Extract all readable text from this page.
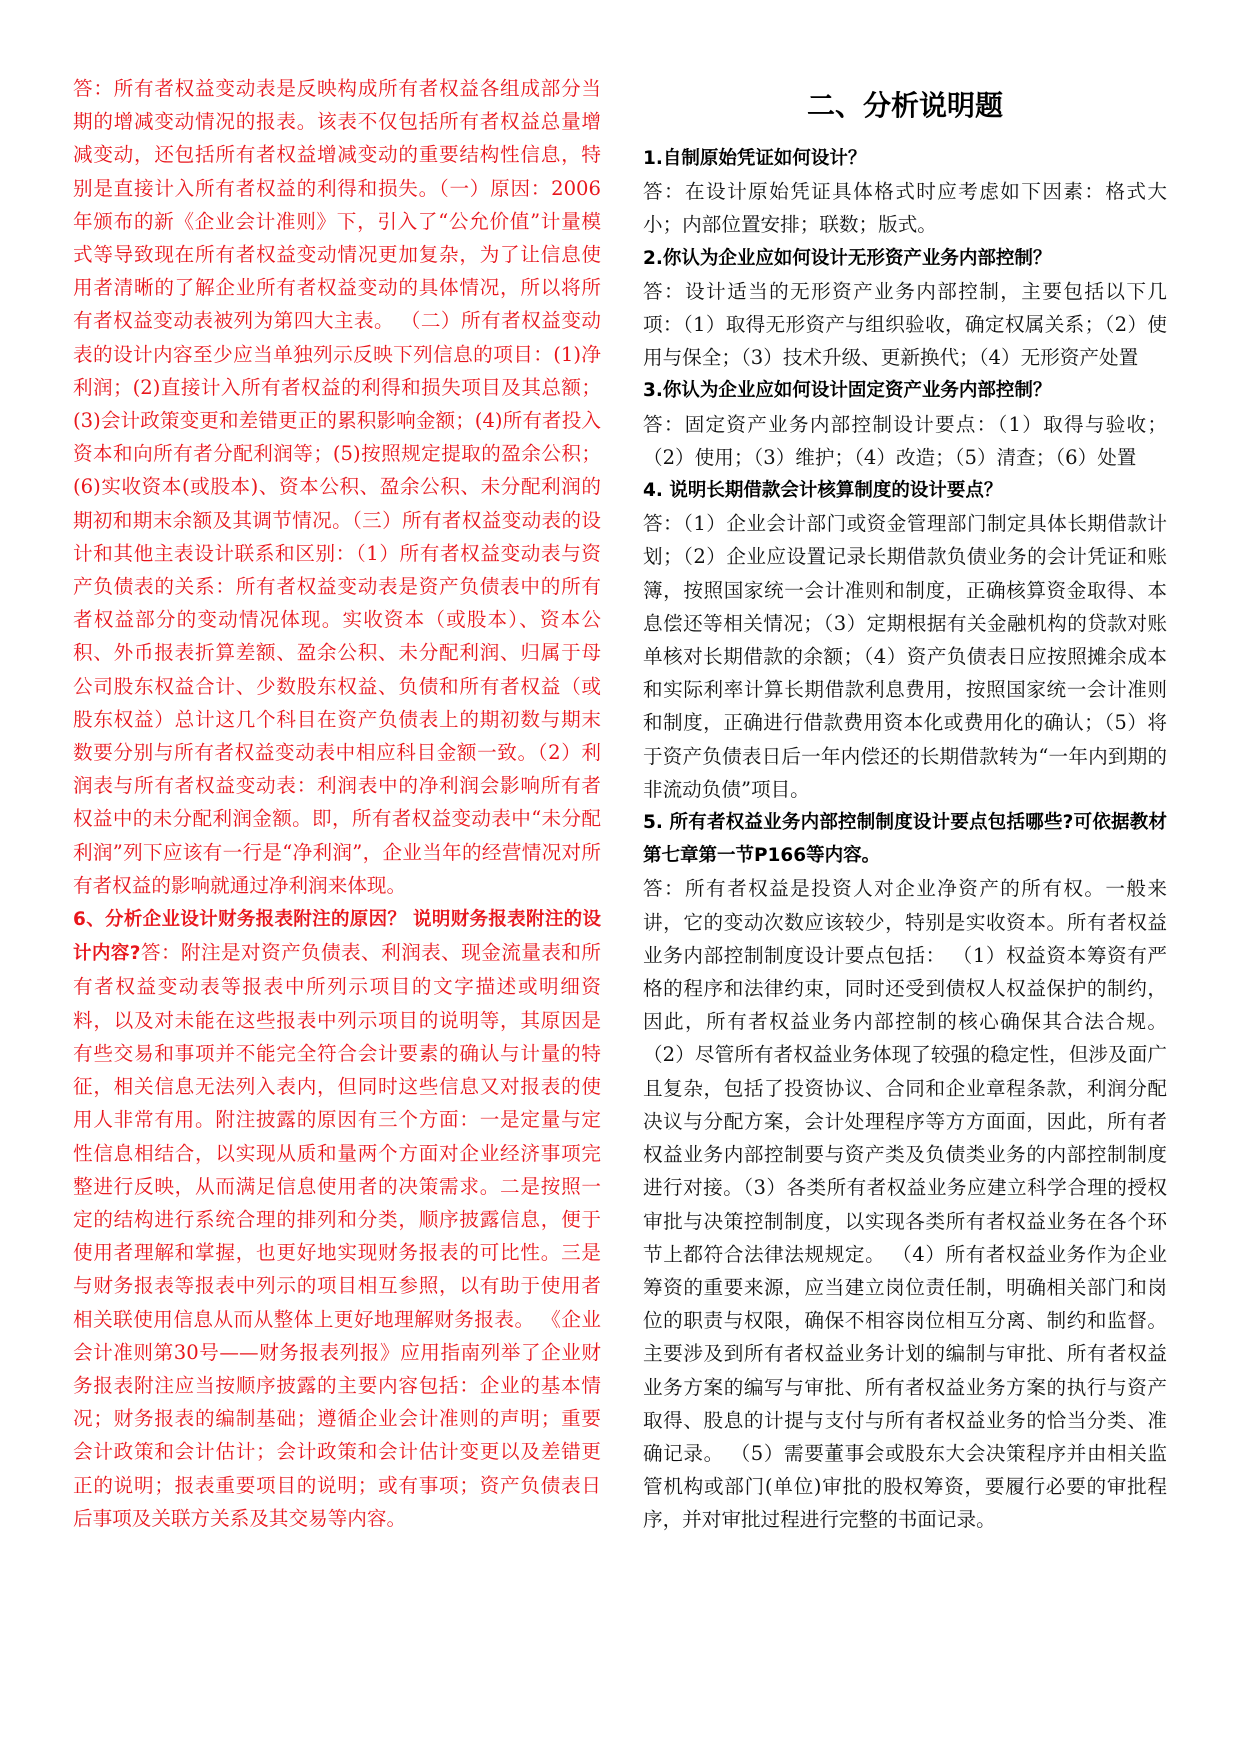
答：所有者权益变动表是反映构成所有者权益各组成部分当期的增减变动情况的报表。该表不仅包括所有者权益总量增减变动，还包括所有者权益增减变动的重要结构性信息，特别是直接计入所有者权益的利得和损失。（一）原因：2006年颁布的新《企业会计准则》下，引入了“公允价值”计量模式等导致现在所有者权益变动情况更加复杂，为了让信息使用者清晰的了解企业所有者权益变动的具体情况，所以将所有者权益变动表被列为第四大主表。 （二）所有者权益变动表的设计内容至少应当单独列示反映下列信息的项目：(1)净利润；(2)直接计入所有者权益的利得和损失项目及其总额；(3)会计政策变更和差错更正的累积影响金额；(4)所有者投入资本和向所有者分配利润等；(5)按照规定提取的盈余公积；(6)实收资本(或股本)、资本公积、盈余公积、未分配利润的期初和期末余额及其调节情况。（三）所有者权益变动表的设计和其他主表设计联系和区别：（1）所有者权益变动表与资产负债表的关系：所有者权益变动表是资产负债表中的所有者权益部分的变动情况体现。实收资本（或股本）、资本公积、外币报表折算差额、盈余公积、未分配利润、归属于母公司股东权益合计、少数股东权益、负债和所有者权益（或股东权益）总计这几个科目在资产负债表上的期初数与期末数要分别与所有者权益变动表中相应科目金额一致。（2）利润表与所有者权益变动表：利润表中的净利润会影响所有者权益中的未分配利润金额。即，所有者权益变动表中“未分配利润”列下应该有一行是“净利润”，企业当年的经营情况对所有者权益的影响就通过净利润来体现。

6、分析企业设计财务报表附注的原因？ 说明财务报表附注的设计内容?答：附注是对资产负债表、利润表、现金流量表和所有者权益变动表等报表中所列示项目的文字描述或明细资料，以及对未能在这些报表中列示项目的说明等，其原因是有些交易和事项并不能完全符合会计要素的确认与计量的特征，相关信息无法列入表内，但同时这些信息又对报表的使用人非常有用。附注披露的原因有三个方面：一是定量与定性信息相结合，以实现从质和量两个方面对企业经济事项完整进行反映，从而满足信息使用者的决策需求。二是按照一定的结构进行系统合理的排列和分类，顺序披露信息，便于使用者理解和掌握，也更好地实现财务报表的可比性。三是与财务报表等报表中列示的项目相互参照，以有助于使用者相关联使用信息从而从整体上更好地理解财务报表。 《企业会计准则第30号——财务报表列报》应用指南列举了企业财务报表附注应当按顺序披露的主要内容包括：企业的基本情况；财务报表的编制基础；遵循企业会计准则的声明；重要会计政策和会计估计；会计政策和会计估计变更以及差错更正的说明；报表重要项目的说明；或有事项；资产负债表日后事项及关联方关系及其交易等内容。

二、分析说明题

1.自制原始凭证如何设计？

答：在设计原始凭证具体格式时应考虑如下因素：格式大小；内部位置安排；联数；版式。

2.你认为企业应如何设计无形资产业务内部控制？

答：设计适当的无形资产业务内部控制，主要包括以下几项：（1）取得无形资产与组织验收，确定权属关系；（2）使用与保全；（3）技术升级、更新换代；（4）无形资产处置

3.你认为企业应如何设计固定资产业务内部控制？

答：固定资产业务内部控制设计要点：（1）取得与验收；（2）使用；（3）维护；（4）改造；（5）清查；（6）处置

4. 说明长期借款会计核算制度的设计要点？

答：（1）企业会计部门或资金管理部门制定具体长期借款计划；（2）企业应设置记录长期借款负债业务的会计凭证和账簿，按照国家统一会计准则和制度，正确核算资金取得、本息偿还等相关情况；（3）定期根据有关金融机构的贷款对账单核对长期借款的余额；（4）资产负债表日应按照摊余成本和实际利率计算长期借款利息费用，按照国家统一会计准则和制度，正确进行借款费用资本化或费用化的确认；（5）将于资产负债表日后一年内偿还的长期借款转为“一年内到期的非流动负债”项目。

5. 所有者权益业务内部控制制度设计要点包括哪些?可依据教材第七章第一节P166等内容。

答：所有者权益是投资人对企业净资产的所有权。一般来讲，它的变动次数应该较少，特别是实收资本。所有者权益业务内部控制制度设计要点包括： （1）权益资本筹资有严格的程序和法律约束，同时还受到债权人权益保护的制约，因此，所有者权益业务内部控制的核心确保其合法合规。 （2）尽管所有者权益业务体现了较强的稳定性，但涉及面广且复杂，包括了投资协议、合同和企业章程条款，利润分配决议与分配方案，会计处理程序等方方面面，因此，所有者权益业务内部控制要与资产类及负债类业务的内部控制制度进行对接。（3）各类所有者权益业务应建立科学合理的授权审批与决策控制制度，以实现各类所有者权益业务在各个环节上都符合法律法规规定。 （4）所有者权益业务作为企业筹资的重要来源，应当建立岗位责任制，明确相关部门和岗位的职责与权限，确保不相容岗位相互分离、制约和监督。主要涉及到所有者权益业务计划的编制与审批、所有者权益业务方案的编写与审批、所有者权益业务方案的执行与资产取得、股息的计提与支付与所有者权益业务的恰当分类、准确记录。 （5）需要董事会或股东大会决策程序并由相关监管机构或部门(单位)审批的股权筹资，要履行必要的审批程序，并对审批过程进行完整的书面记录。
